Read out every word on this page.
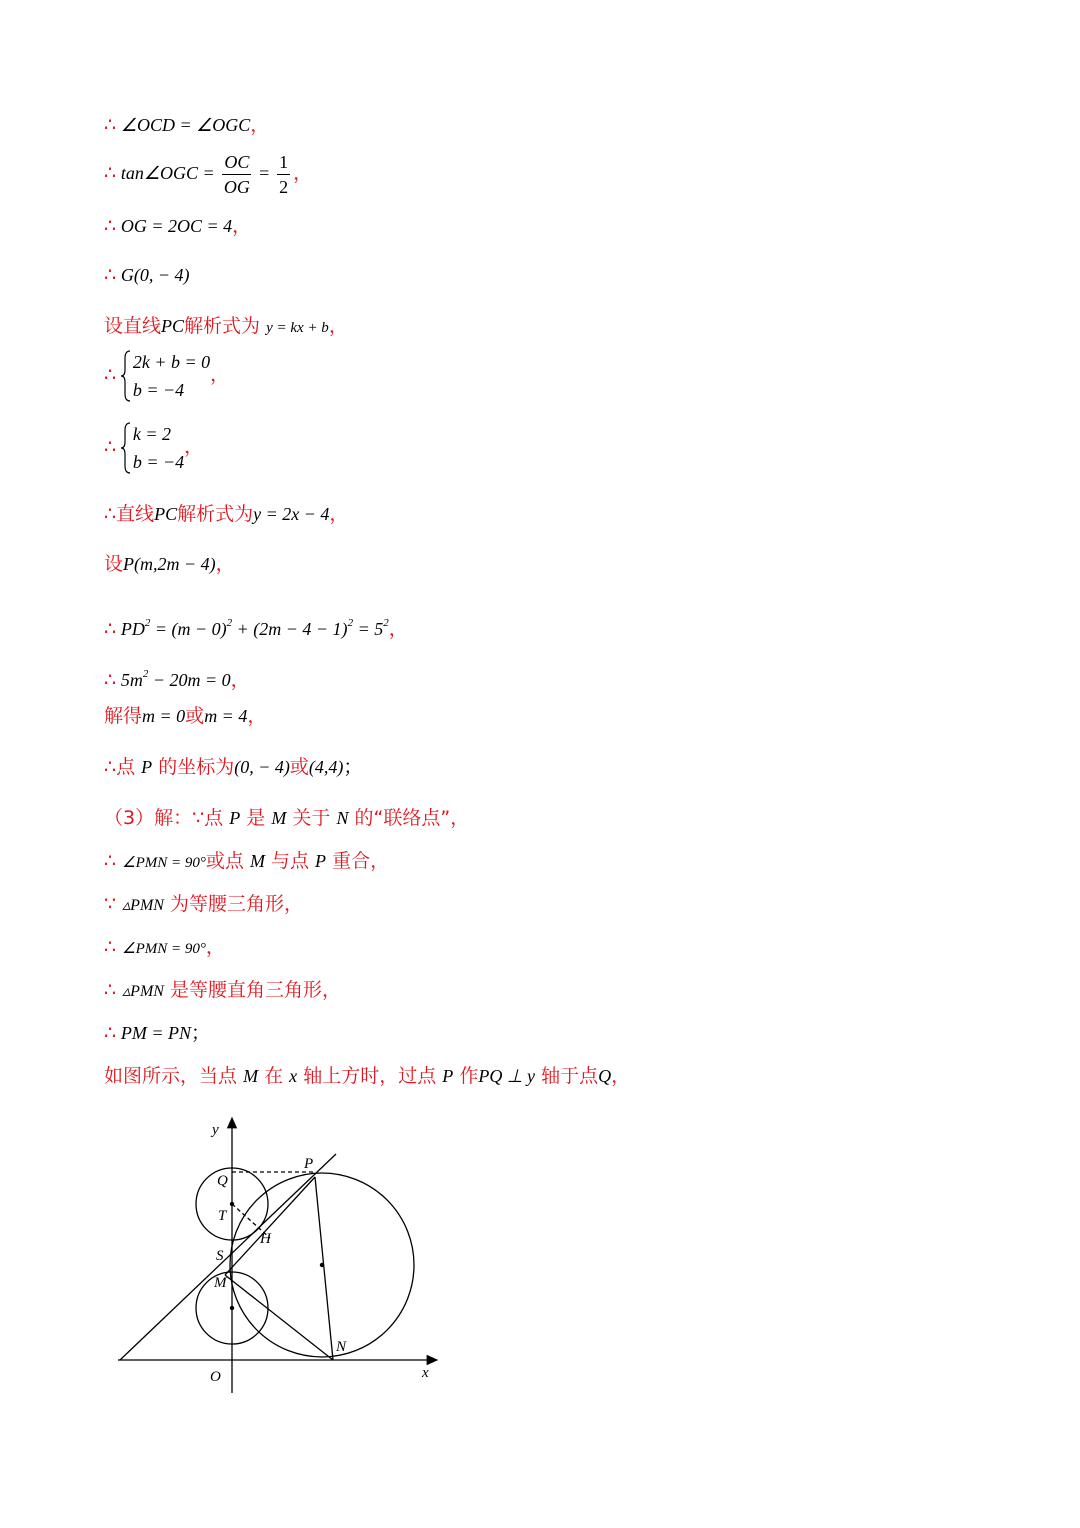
∴ ∠OCD = ∠OGC，
∴ tan∠OGC = $\frac{OC}{OG} = \frac{1}{2}$ ，
∴ OG = 2OC = 4，
∴ G(0, − 4)
设直线PC解析式为 y = kx + b，
∴
2k + b = 0
b = −4
，
∴
k = 2
b = −4
，
∴直线PC解析式为y = 2x − 4，
设P(m,2m − 4)，
∴ $PD^2 = (m - 0)^2 + (2m - 4 - 1)^2 = 5^2$，
∴ $5m^2 - 20m = 0$，
解得m = 0或m = 4，
∴点 P 的坐标为(0, − 4)或(4,4)；
（3）解：∵点 P 是 M 关于 N 的“联络点”，
∴ ∠PMN = 90°或点 M 与点 P 重合，
∵ ▵PMN 为等腰三角形，
∴ ∠PMN = 90°，
∴ ▵PMN 是等腰直角三角形，
∴ PM = PN；
如图所示，当点 M 在 x 轴上方时，过点 P 作PQ ⊥ y 轴于点Q，
y
x
O
P
Q
T
H
S
M
N
